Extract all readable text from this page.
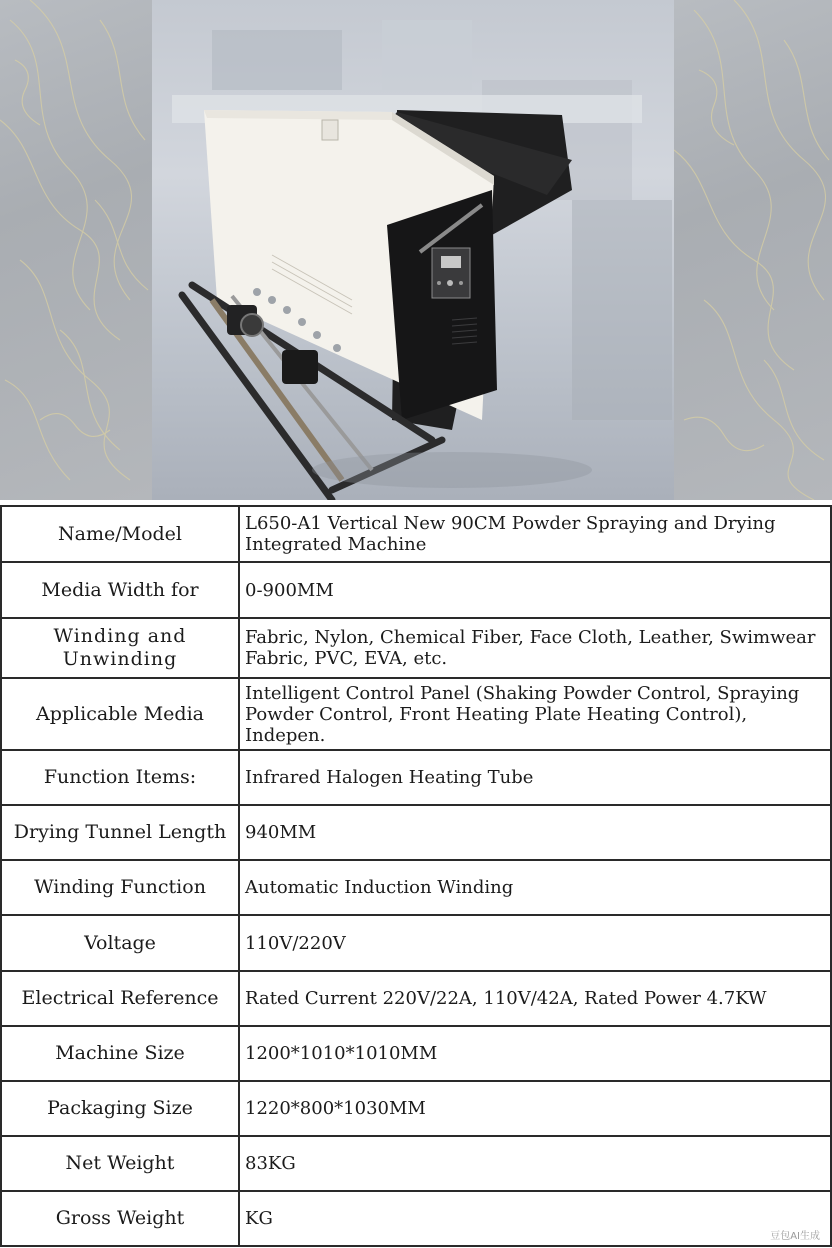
Name/Model	L650-A1 Vertical New 90CM Powder Spraying and Drying Integrated Machine
Media Width for	0-900MM
Winding and Unwinding	Fabric, Nylon, Chemical Fiber, Face Cloth, Leather, Swimwear Fabric, PVC, EVA, etc.
Applicable Media	Intelligent Control Panel (Shaking Powder Control, Spraying Powder Control, Front Heating Plate Heating Control), Indepen.
Function Items:	Infrared Halogen Heating Tube
Drying Tunnel Length	940MM
Winding Function	Automatic Induction Winding
Voltage	110V/220V
Electrical Reference	Rated Current 220V/22A, 110V/42A, Rated Power 4.7KW
Machine Size	1200*1010*1010MM
Packaging Size	1220*800*1030MM
Net Weight	83KG
Gross Weight	KG
豆包AI生成
